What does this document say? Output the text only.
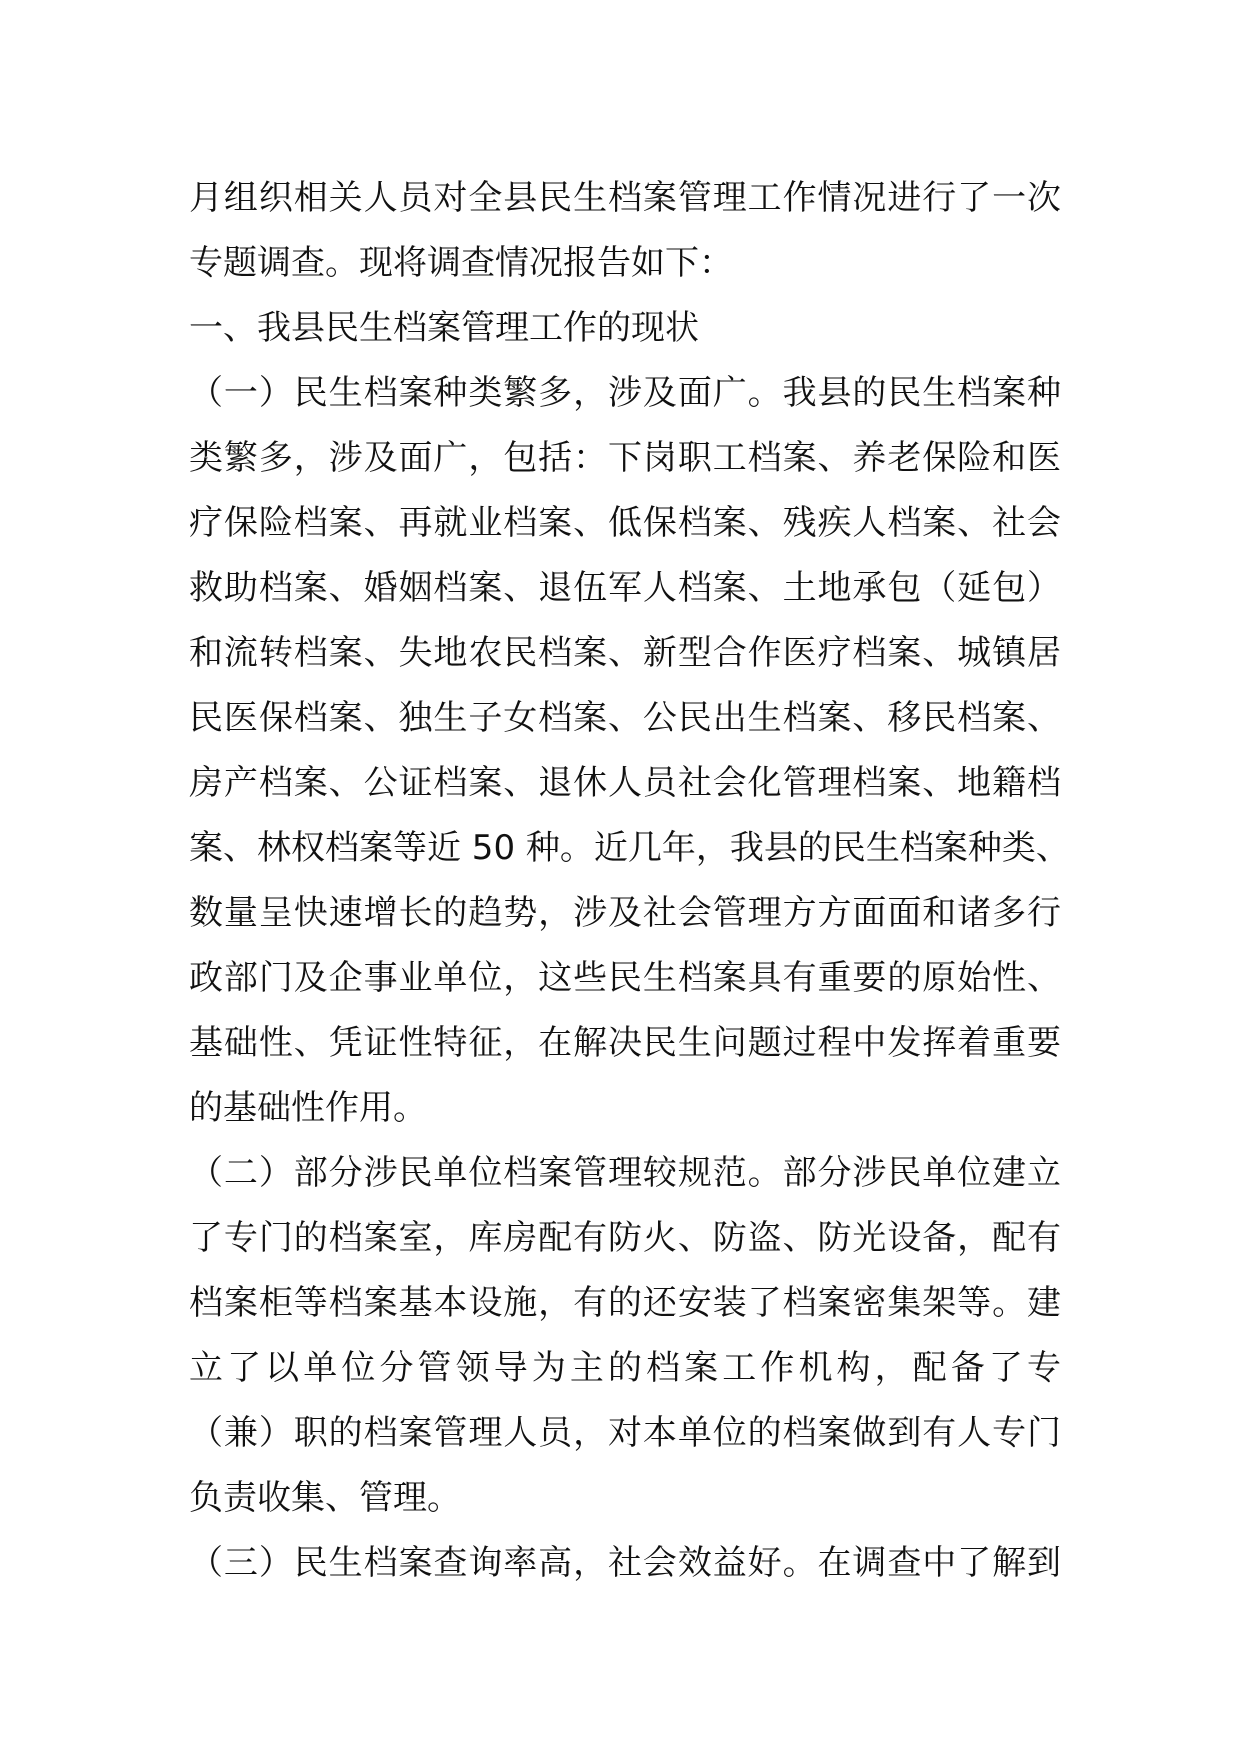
月组织相关人员对全县民生档案管理工作情况进行了一次
专题调查。现将调查情况报告如下：
一、我县民生档案管理工作的现状
（一）民生档案种类繁多，涉及面广。我县的民生档案种
类繁多，涉及面广，包括：下岗职工档案、养老保险和医
疗保险档案、再就业档案、低保档案、残疾人档案、社会
救助档案、婚姻档案、退伍军人档案、土地承包（延包）
和流转档案、失地农民档案、新型合作医疗档案、城镇居
民医保档案、独生子女档案、公民出生档案、移民档案、
房产档案、公证档案、退休人员社会化管理档案、地籍档
案、林权档案等近 50 种。近几年，我县的民生档案种类、
数量呈快速增长的趋势，涉及社会管理方方面面和诸多行
政部门及企事业单位，这些民生档案具有重要的原始性、
基础性、凭证性特征，在解决民生问题过程中发挥着重要
的基础性作用。
（二）部分涉民单位档案管理较规范。部分涉民单位建立
了专门的档案室，库房配有防火、防盗、防光设备，配有
档案柜等档案基本设施，有的还安装了档案密集架等。建
立了以单位分管领导为主的档案工作机构，配备了专
（兼）职的档案管理人员，对本单位的档案做到有人专门
负责收集、管理。
（三）民生档案查询率高，社会效益好。在调查中了解到
